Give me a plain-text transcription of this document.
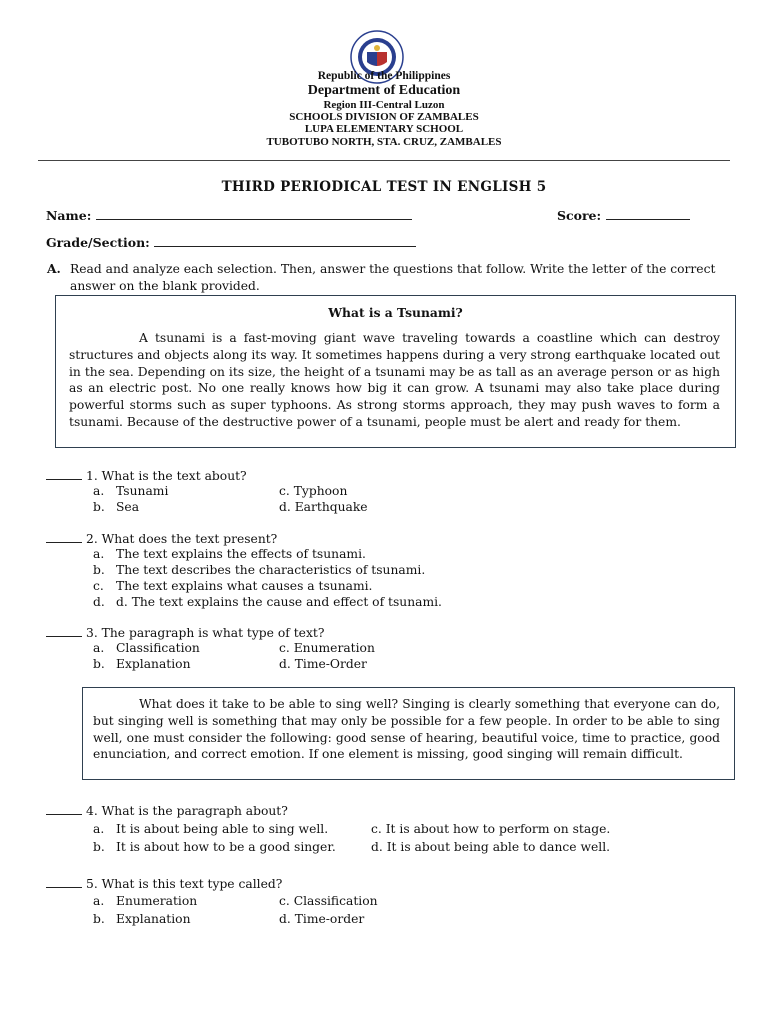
Republic of the Philippines
Department of Education
Region III-Central Luzon
SCHOOLS DIVISION OF ZAMBALES
LUPA ELEMENTARY SCHOOL
TUBOTUBO NORTH, STA. CRUZ, ZAMBALES
THIRD PERIODICAL TEST IN ENGLISH 5
Name:	Score:
Grade/Section:
A. Read and analyze each selection. Then, answer the questions that follow. Write the letter of the correct
answer on the blank provided.
What is a Tsunami?
A tsunami is a fast-moving giant wave traveling towards a coastline which can destroy structures and objects along its way. It sometimes happens during a very strong earthquake located out in the sea. Depending on its size, the height of a tsunami may be as tall as an average person or as high as an electric post. No one really knows how big it can grow. A tsunami may also take place during powerful storms such as super typhoons. As strong storms approach, they may push waves to form a tsunami. Because of the destructive power of a tsunami, people must be alert and ready for them.
1. What is the text about?
a. Tsunami
b. Sea
c. Typhoon
d. Earthquake
2. What does the text present?
a. The text explains the effects of tsunami.
b. The text describes the characteristics of tsunami.
c. The text explains what causes a tsunami.
d. d. The text explains the cause and effect of tsunami.
3. The paragraph is what type of text?
a. Classification
b. Explanation
c. Enumeration
d. Time-Order
What does it take to be able to sing well? Singing is clearly something that everyone can do, but singing well is something that may only be possible for a few people. In order to be able to sing well, one must consider the following: good sense of hearing, beautiful voice, time to practice, good enunciation, and correct emotion. If one element is missing, good singing will remain difficult.
4. What is the paragraph about?
a. It is about being able to sing well.
b. It is about how to be a good singer.
c. It is about how to perform on stage.
d. It is about being able to dance well.
5. What is this text type called?
a. Enumeration
b. Explanation
c. Classification
d. Time-order
